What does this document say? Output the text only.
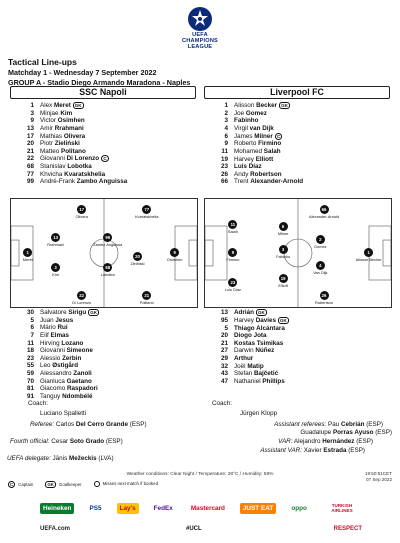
UEFA
CHAMPIONS
LEAGUE
Tactical Line-ups
Matchday 1 - Wednesday 7 September 2022
GROUP A - Stadio Diego Armando Maradona - Naples
SSC Napoli	Liverpool FC
1 Alex Meret GK
3 Minjae Kim
9 Victor Osimhen
13 Amir Rrahmani
17 Mathias Olivera
20 Piotr Zieliński
21 Matteo Politano
22 Giovanni Di Lorenzo C
68 Stanislav Lobotka
77 Khvicha Kvaratskhelia
99 André-Frank Zambo Anguissa
1 Alisson Becker GK
2 Joe Gomez
3 Fabinho
4 Virgil van Dijk
6 James Milner C
9 Roberto Firmino
11 Mohamed Salah
19 Harvey Elliott
23 Luis Díaz
26 Andy Robertson
66 Trent Alexander-Arnold
1
Meret
13
Rrahmani
3
Kim
17
Olivera
22
Di Lorenzo
99
Zambo Anguissa
68
Lobotka
20
Zieliński
77
Kvaratskhelia
21
Politano
9
Osimhen
66
Alexander-Arnold
11
Salah
6
Milner
2
Gomez
1
Alisson Becker
3
Fabinho
9
Firmino
4
Van Dijk
23
Luis Díaz
19
Elliott
26
Robertson
30 Salvatore Sirigu GK
5 Juan Jesus
6 Mário Rui
7 Elif Elmas
11 Hirving Lozano
18 Giovanni Simeone
23 Alessio Zerbin
55 Leo Østigård
59 Alessandro Zanoli
70 Gianluca Gaetano
81 Giacomo Raspadori
91 Tanguy Ndombélé
13 Adrián GK
95 Harvey Davies GK
5 Thiago Alcántara
20 Diogo Jota
21 Kostas Tsimikas
27 Darwin Núñez
29 Arthur
32 Joël Matip
43 Stefan Bajčetić
47 Nathaniel Phillips
Coach:
Luciano Spalletti
Coach:
Jürgen Klopp
Referee: Carlos Del Cerro Grande (ESP)
Fourth official: Cesar Soto Grado (ESP)
UEFA delegate: Jānis Mežeckis (LVA)
Assistant referees: Pau Cebrián (ESP)
Guadalupe Porras Ayuso (ESP)
VAR: Alejandro Hernández (ESP)
Assistant VAR: Xavier Estrada (ESP)
Weather conditions: Clear Night / Temperature: 28°C / Humidity: 59%	19:50:51CET
07 Sep 2022
C Captain	GK Goalkeeper	Misses next match if booked
Heineken	PS5	Lay's	FedEx	Mastercard	JUST EAT	oppo	TURKISH AIRLINES
UEFA.com	#UCL	RESPECT
